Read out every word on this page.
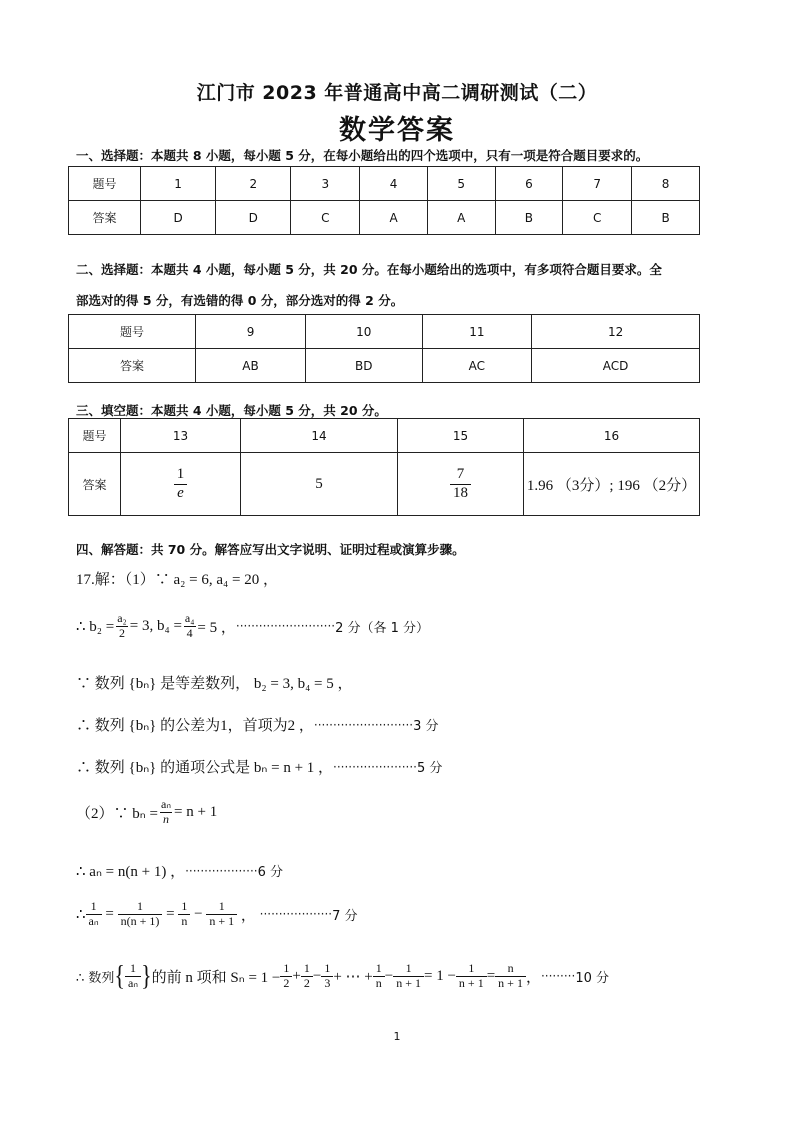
江门市 2023 年普通高中高二调研测试（二）
数学答案
一、选择题：本题共 8 小题，每小题 5 分，在每小题给出的四个选项中，只有一项是符合题目要求的。
题号	1	2	3	4	5	6	7	8
答案	D	D	C	A	A	B	C	B
二、选择题：本题共 4 小题，每小题 5 分，共 20 分。在每小题给出的选项中，有多项符合题目要求。全
部选对的得 5 分，有选错的得 0 分，部分选对的得 2 分。
题号	9	10	11	12
答案	AB	BD	AC	ACD
三、填空题：本题共 4 小题，每小题 5 分，共 20 分。
题号	13	14	15	16
答案	$\frac{1}{e}$	5	$\frac{7}{18}$	1.96 （3分）; 196 （2分）
四、解答题：共 70 分。解答应写出文字说明、证明过程或演算步骤。
17.解：（1）∵ a₂ = 6, a₄ = 20 ，
∴ $b_2 = \frac{\text{a₂}}{2} = 3$, $b_4 = \frac{\text{a₄}}{4} = 5$ ， ·························· 2 分（各 1 分）
∵ 数列 {bₙ} 是等差数列， b₂ = 3, b₄ = 5 ，
∴ 数列 {bₙ} 的公差为1，首项为2 ， ·························· 3 分
∴ 数列 {bₙ} 的通项公式是 bₙ = n + 1 ， ······················ 5 分
（2）∵ $b_n = \frac{\text{aₙ}}{n} = n + 1$
∴ aₙ = n(n + 1) ， ··················· 6 分
∴ $\frac{1}{\text{aₙ}} = \frac{1}{n(n + 1)} = \frac{1}{n} - \frac{1}{n + 1}$ ， ··················· 7 分
∴ 数列 { $\frac{1}{\text{aₙ}}$ } 的前 n 项和 $S_n = 1 - \frac{1}{2} + \frac{1}{2} - \frac{1}{3}$ + ⋯ + $\frac{1}{n} - \frac{1}{n + 1} = 1 - \frac{1}{n + 1} = \frac{n}{n + 1}$ ， ········· 10 分
1
